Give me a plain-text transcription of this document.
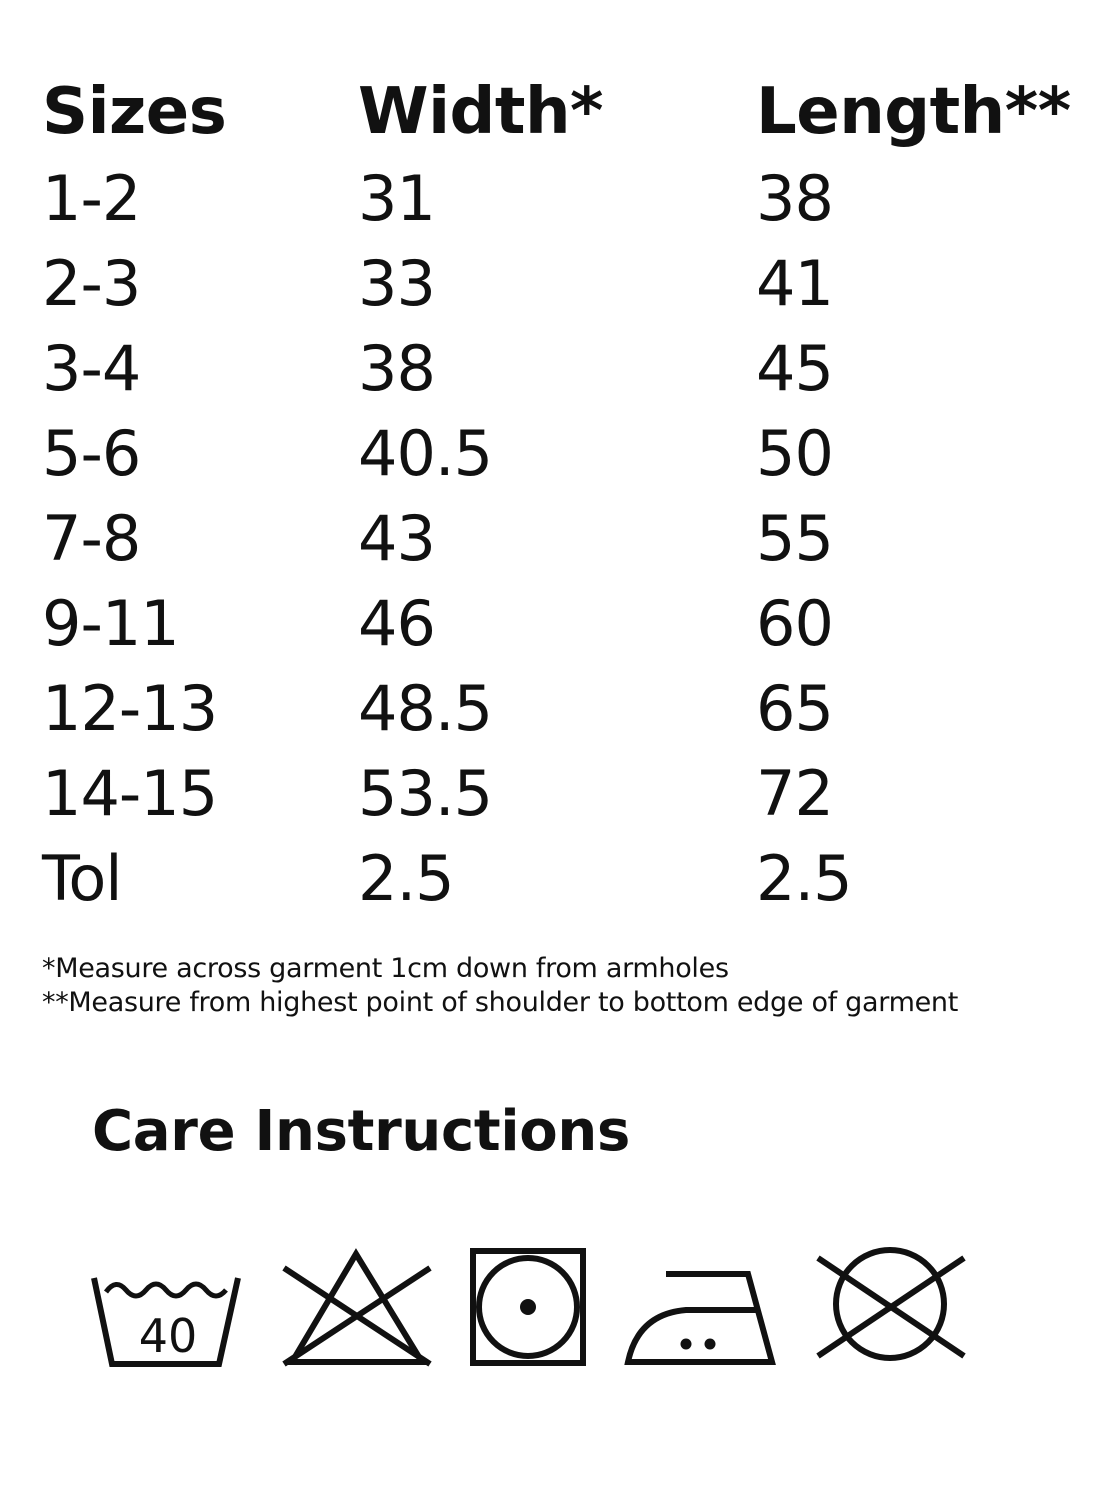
Sizes Width* Length**
1-2	31	38
2-3	33	41
3-4	38	45
5-6	40.5	50
7-8	43	55
9-11	46	60
12-13 48.5	65
14-15 53.5	72
Tol	2.5	2.5
*Measure across garment 1cm down from armholes
**Measure from highest point of shoulder to bottom edge of garment
Care Instructions
40
